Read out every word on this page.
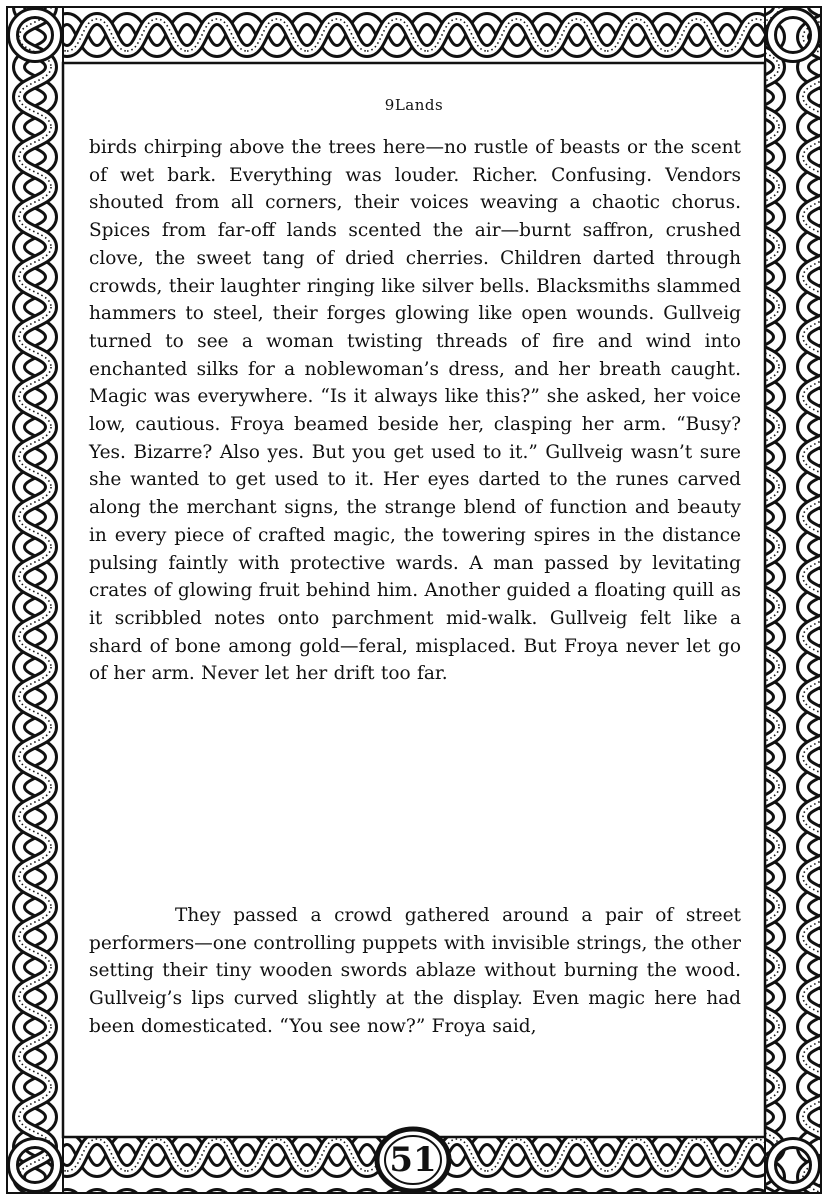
9Lands

birds chirping above the trees here—no rustle of beasts or the scent of wet bark. Everything was louder. Richer. Confusing. Vendors shouted from all corners, their voices weaving a chaotic chorus. Spices from far-off lands scented the air—burnt saffron, crushed clove, the sweet tang of dried cherries. Children darted through crowds, their laughter ringing like silver bells. Blacksmiths slammed hammers to steel, their forges glowing like open wounds. Gullveig turned to see a woman twisting threads of fire and wind into enchanted silks for a noblewoman’s dress, and her breath caught. Magic was everywhere. “Is it always like this?” she asked, her voice low, cautious. Froya beamed beside her, clasping her arm. “Busy? Yes. Bizarre? Also yes. But you get used to it.” Gullveig wasn’t sure she wanted to get used to it. Her eyes darted to the runes carved along the merchant signs, the strange blend of function and beauty in every piece of crafted magic, the towering spires in the distance pulsing faintly with protective wards. A man passed by levitating crates of glowing fruit behind him. Another guided a floating quill as it scribbled notes onto parchment mid-walk. Gullveig felt like a shard of bone among gold—feral, misplaced. But Froya never let go of her arm. Never let her drift too far.

They passed a crowd gathered around a pair of street performers—one controlling puppets with invisible strings, the other setting their tiny wooden swords ablaze without burning the wood. Gullveig’s lips curved slightly at the display. Even magic here had been domesticated. “You see now?” Froya said,

51
